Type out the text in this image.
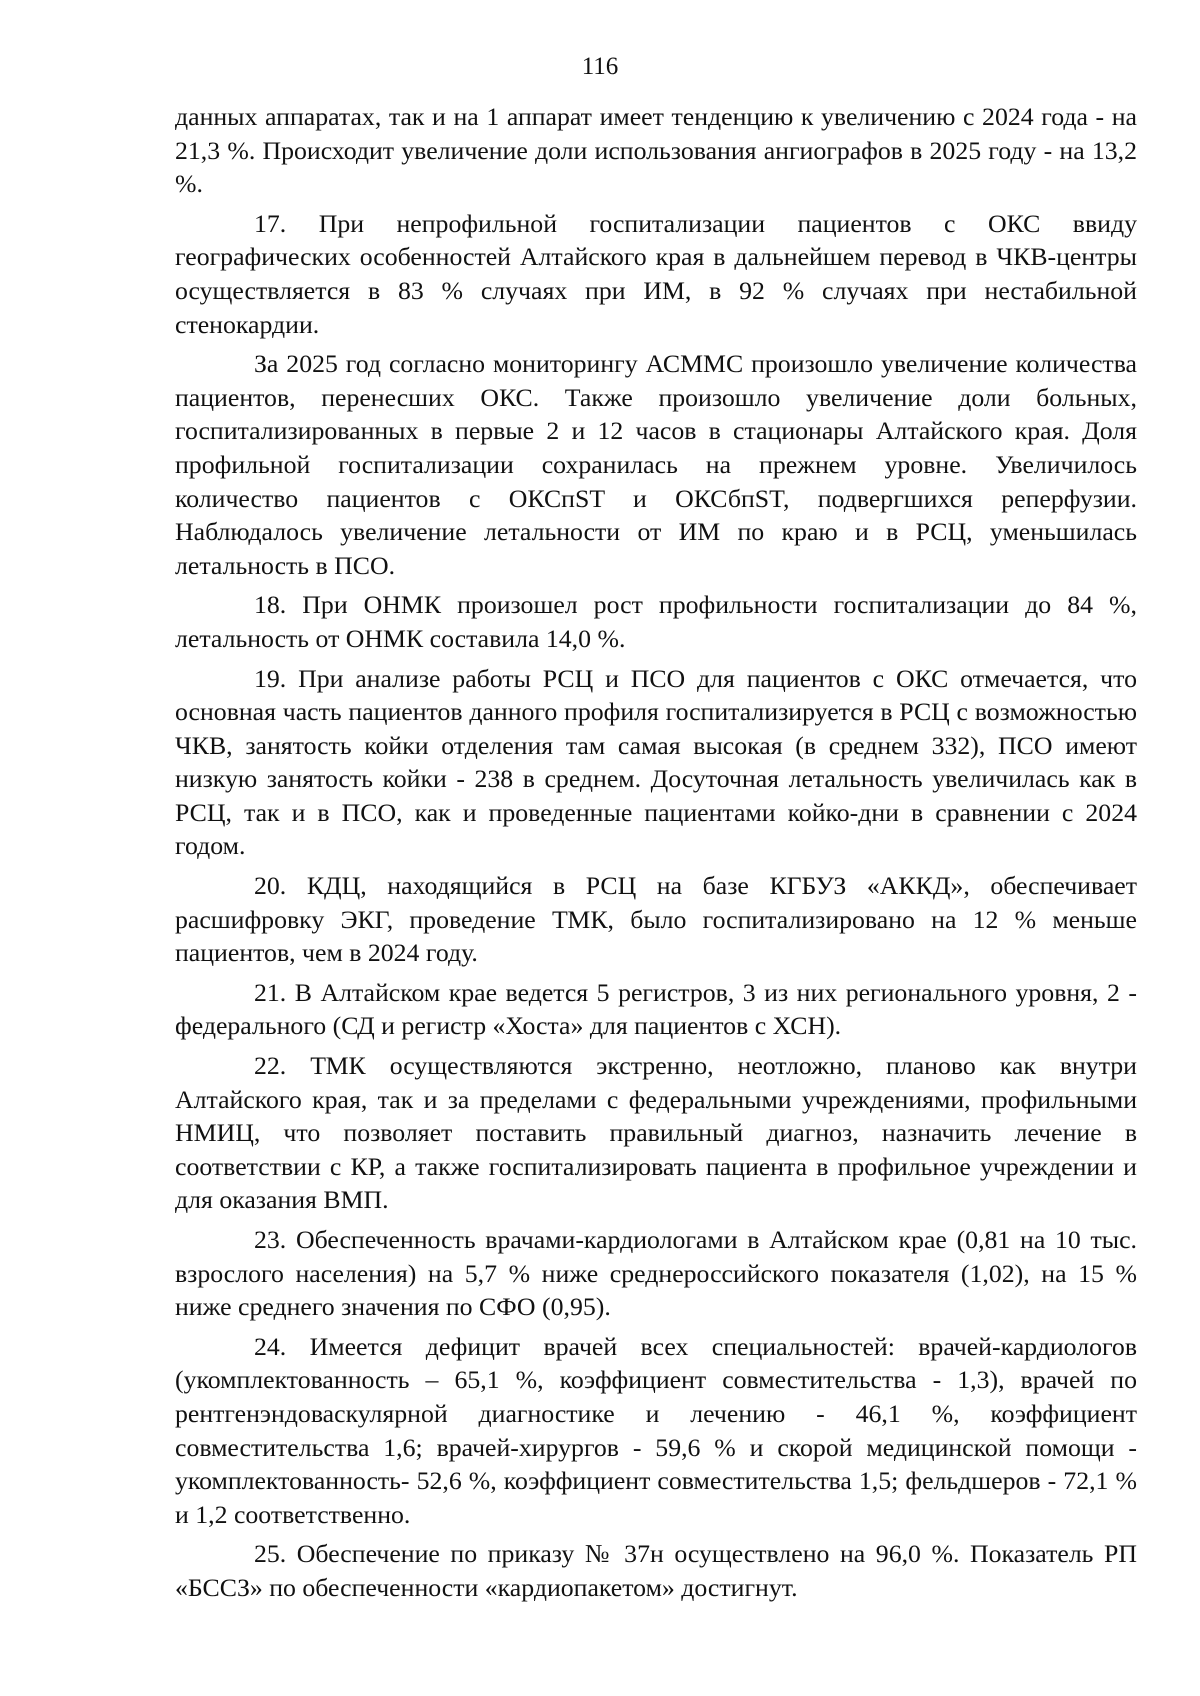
116

данных аппаратах, так и на 1 аппарат имеет тенденцию к увеличению с 2024 года - на 21,3 %. Происходит увеличение доли использования ангиографов в 2025 году - на 13,2 %.

17. При непрофильной госпитализации пациентов с ОКС ввиду географических особенностей Алтайского края в дальнейшем перевод в ЧКВ-центры осуществляется в 83 % случаях при ИМ, в 92 % случаях при нестабильной стенокардии.

За 2025 год согласно мониторингу АСММС произошло увеличение количества пациентов, перенесших ОКС. Также произошло увеличение доли больных, госпитализированных в первые 2 и 12 часов в стационары Алтайского края. Доля профильной госпитализации сохранилась на прежнем уровне. Увеличилось количество пациентов с ОКСпST и ОКСбпST, подвергшихся реперфузии. Наблюдалось увеличение летальности от ИМ по краю и в РСЦ, уменьшилась летальность в ПСО.

18. При ОНМК произошел рост профильности госпитализации до 84 %, летальность от ОНМК составила 14,0 %.

19. При анализе работы РСЦ и ПСО для пациентов с ОКС отмечается, что основная часть пациентов данного профиля госпитализируется в РСЦ с возможностью ЧКВ, занятость койки отделения там самая высокая (в среднем 332), ПСО имеют низкую занятость койки - 238 в среднем. Досуточная летальность увеличилась как в РСЦ, так и в ПСО, как и проведенные пациентами койко-дни в сравнении с 2024 годом.

20. КДЦ, находящийся в РСЦ на базе КГБУЗ «АККД», обеспечивает расшифровку ЭКГ, проведение ТМК, было госпитализировано на 12 % меньше пациентов, чем в 2024 году.

21. В Алтайском крае ведется 5 регистров, 3 из них регионального уровня, 2 - федерального (СД и регистр «Хоста» для пациентов с ХСН).

22. ТМК осуществляются экстренно, неотложно, планово как внутри Алтайского края, так и за пределами с федеральными учреждениями, профильными НМИЦ, что позволяет поставить правильный диагноз, назначить лечение в соответствии с КР, а также госпитализировать пациента в профильное учреждении и для оказания ВМП.

23. Обеспеченность врачами-кардиологами в Алтайском крае (0,81 на 10 тыс. взрослого населения) на 5,7 % ниже среднероссийского показателя (1,02), на 15 % ниже среднего значения по СФО (0,95).

24. Имеется дефицит врачей всех специальностей: врачей-кардиологов (укомплектованность – 65,1 %, коэффициент совместительства - 1,3), врачей по рентгенэндоваскулярной диагностике и лечению - 46,1 %, коэффициент совместительства 1,6; врачей-хирургов - 59,6 % и скорой медицинской помощи - укомплектованность- 52,6 %, коэффициент совместительства 1,5; фельдшеров - 72,1 % и 1,2 соответственно.

25. Обеспечение по приказу № 37н осуществлено на 96,0 %. Показатель РП «БССЗ» по обеспеченности «кардиопакетом» достигнут.
